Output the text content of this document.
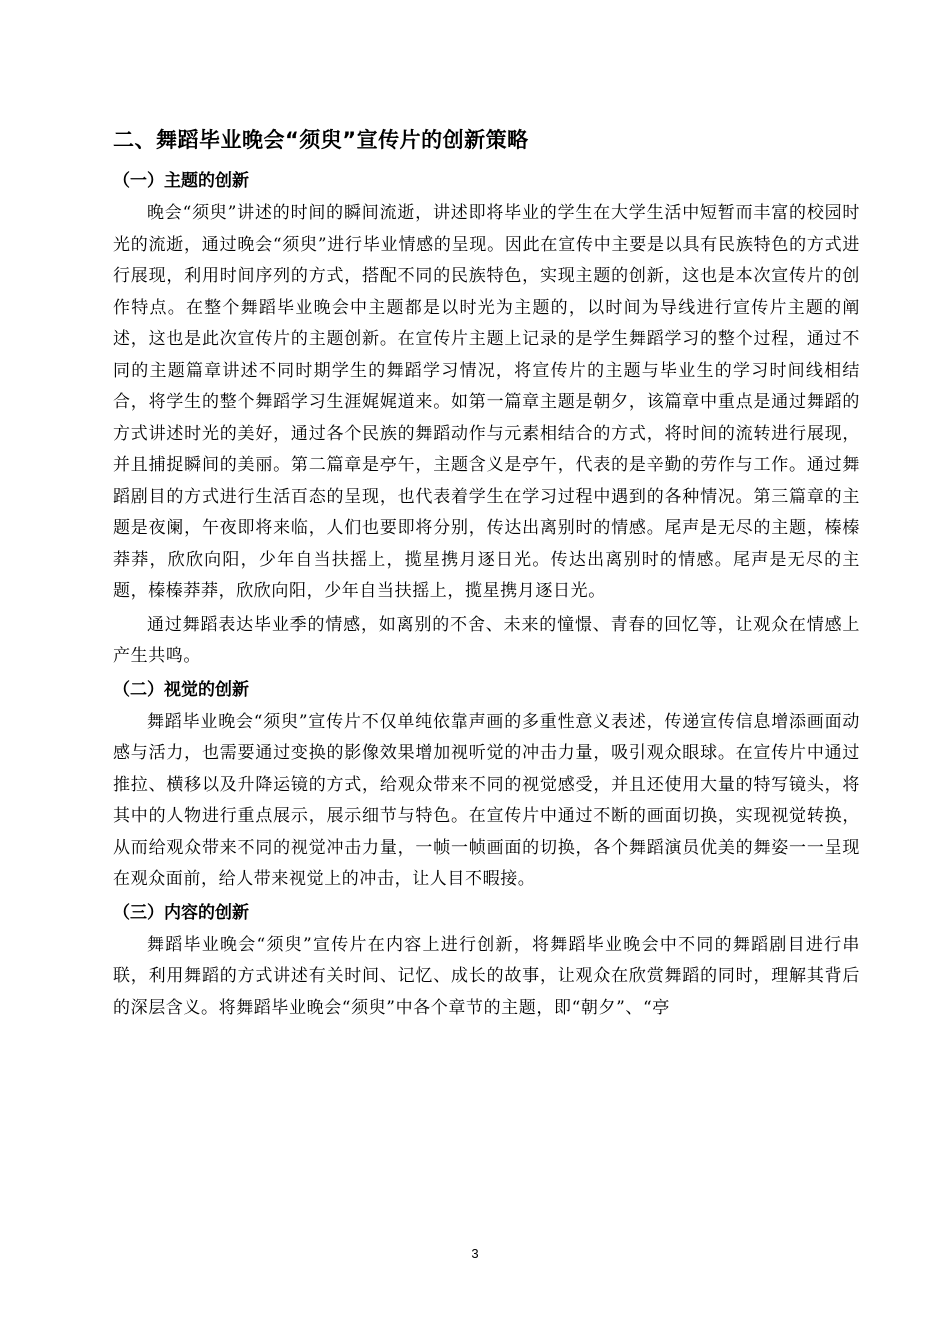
二、舞蹈毕业晚会“须臾”宣传片的创新策略
（一）主题的创新

晚会“须臾”讲述的时间的瞬间流逝，讲述即将毕业的学生在大学生活中短暂而丰富的校园时光的流逝，通过晚会“须臾”进行毕业情感的呈现。因此在宣传中主要是以具有民族特色的方式进行展现，利用时间序列的方式，搭配不同的民族特色，实现主题的创新，这也是本次宣传片的创作特点。在整个舞蹈毕业晚会中主题都是以时光为主题的，以时间为导线进行宣传片主题的阐述，这也是此次宣传片的主题创新。在宣传片主题上记录的是学生舞蹈学习的整个过程，通过不同的主题篇章讲述不同时期学生的舞蹈学习情况，将宣传片的主题与毕业生的学习时间线相结合，将学生的整个舞蹈学习生涯娓娓道来。如第一篇章主题是朝夕，该篇章中重点是通过舞蹈的方式讲述时光的美好，通过各个民族的舞蹈动作与元素相结合的方式，将时间的流转进行展现，并且捕捉瞬间的美丽。第二篇章是亭午，主题含义是亭午，代表的是辛勤的劳作与工作。通过舞蹈剧目的方式进行生活百态的呈现，也代表着学生在学习过程中遇到的各种情况。第三篇章的主题是夜阑，午夜即将来临，人们也要即将分别，传达出离别时的情感。尾声是无尽的主题，榛榛莽莽，欣欣向阳，少年自当扶摇上，揽星携月逐日光。传达出离别时的情感。尾声是无尽的主题，榛榛莽莽，欣欣向阳，少年自当扶摇上，揽星携月逐日光。

通过舞蹈表达毕业季的情感，如离别的不舍、未来的憧憬、青春的回忆等，让观众在情感上产生共鸣。

（二）视觉的创新

舞蹈毕业晚会“须臾”宣传片不仅单纯依靠声画的多重性意义表述，传递宣传信息增添画面动感与活力，也需要通过变换的影像效果增加视听觉的冲击力量，吸引观众眼球。在宣传片中通过推拉、横移以及升降运镜的方式，给观众带来不同的视觉感受，并且还使用大量的特写镜头，将其中的人物进行重点展示，展示细节与特色。在宣传片中通过不断的画面切换，实现视觉转换，从而给观众带来不同的视觉冲击力量，一帧一帧画面的切换，各个舞蹈演员优美的舞姿一一呈现在观众面前，给人带来视觉上的冲击，让人目不暇接。

（三）内容的创新

舞蹈毕业晚会“须臾”宣传片在内容上进行创新，将舞蹈毕业晚会中不同的舞蹈剧目进行串联，利用舞蹈的方式讲述有关时间、记忆、成长的故事，让观众在欣赏舞蹈的同时，理解其背后的深层含义。将舞蹈毕业晚会“须臾”中各个章节的主题，即“朝夕”、“亭

3
